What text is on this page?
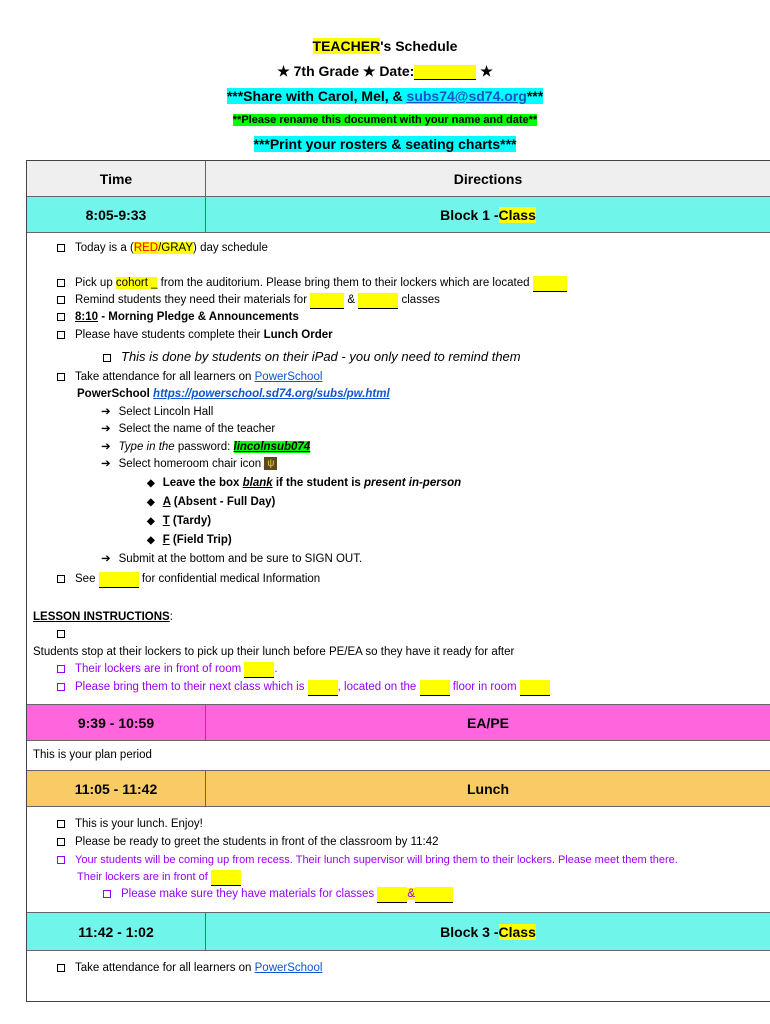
TEACHER's Schedule
★ 7th Grade ★ Date:	★
***Share with Carol, Mel, & subs74@sd74.org***
**Please rename this document with your name and date**
***Print your rosters & seating charts***
Time	Directions
8:05-9:33	Block 1 - Class
Today is a (RED/GRAY) day schedule
Pick up cohort _ from the auditorium. Please bring them to their lockers which are located
Remind students they need their materials for	&	classes
8:10 - Morning Pledge & Announcements
Please have students complete their Lunch Order
This is done by students on their iPad - you only need to remind them
Take attendance for all learners on PowerSchool
PowerSchool https://powerschool.sd74.org/subs/pw.html
➔ Select Lincoln Hall
➔ Select the name of the teacher
➔ Type in the password: lincolnsub074
➔ Select homeroom chair icon ψ
◆ Leave the box blank if the student is present in-person
◆ A (Absent - Full Day)
◆ T (Tardy)
◆ F (Field Trip)
➔ Submit at the bottom and be sure to SIGN OUT.
See	for confidential medical Information
LESSON INSTRUCTIONS:
Students stop at their lockers to pick up their lunch before PE/EA so they have it ready for after
Their lockers are in front of room	.
Please bring them to their next class which is	, located on the	floor in room
9:39 - 10:59	EA/PE
This is your plan period
11:05 - 11:42	Lunch
This is your lunch. Enjoy!
Please be ready to greet the students in front of the classroom by 11:42
Your students will be coming up from recess. Their lunch supervisor will bring them to their lockers. Please meet them there.
Their lockers are in front of
Please make sure they have materials for classes	&
11:42 - 1:02	Block 3 - Class
Take attendance for all learners on PowerSchool
